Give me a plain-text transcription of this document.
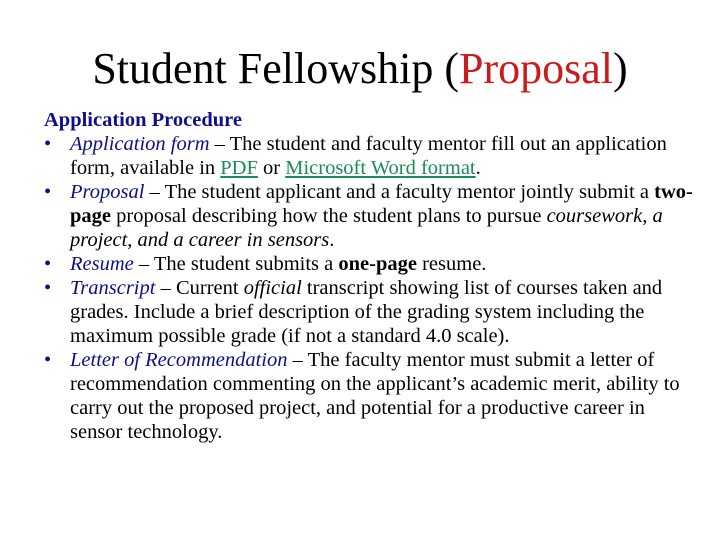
Student Fellowship (Proposal)
Application Procedure
• Application form – The student and faculty mentor fill out an application form, available in PDF or Microsoft Word format.
• Proposal – The student applicant and a faculty mentor jointly submit a two-page proposal describing how the student plans to pursue coursework, a project, and a career in sensors.
• Resume – The student submits a one-page resume.
• Transcript – Current official transcript showing list of courses taken and grades. Include a brief description of the grading system including the maximum possible grade (if not a standard 4.0 scale).
• Letter of Recommendation – The faculty mentor must submit a letter of recommendation commenting on the applicant’s academic merit, ability to carry out the proposed project, and potential for a productive career in sensor technology.
